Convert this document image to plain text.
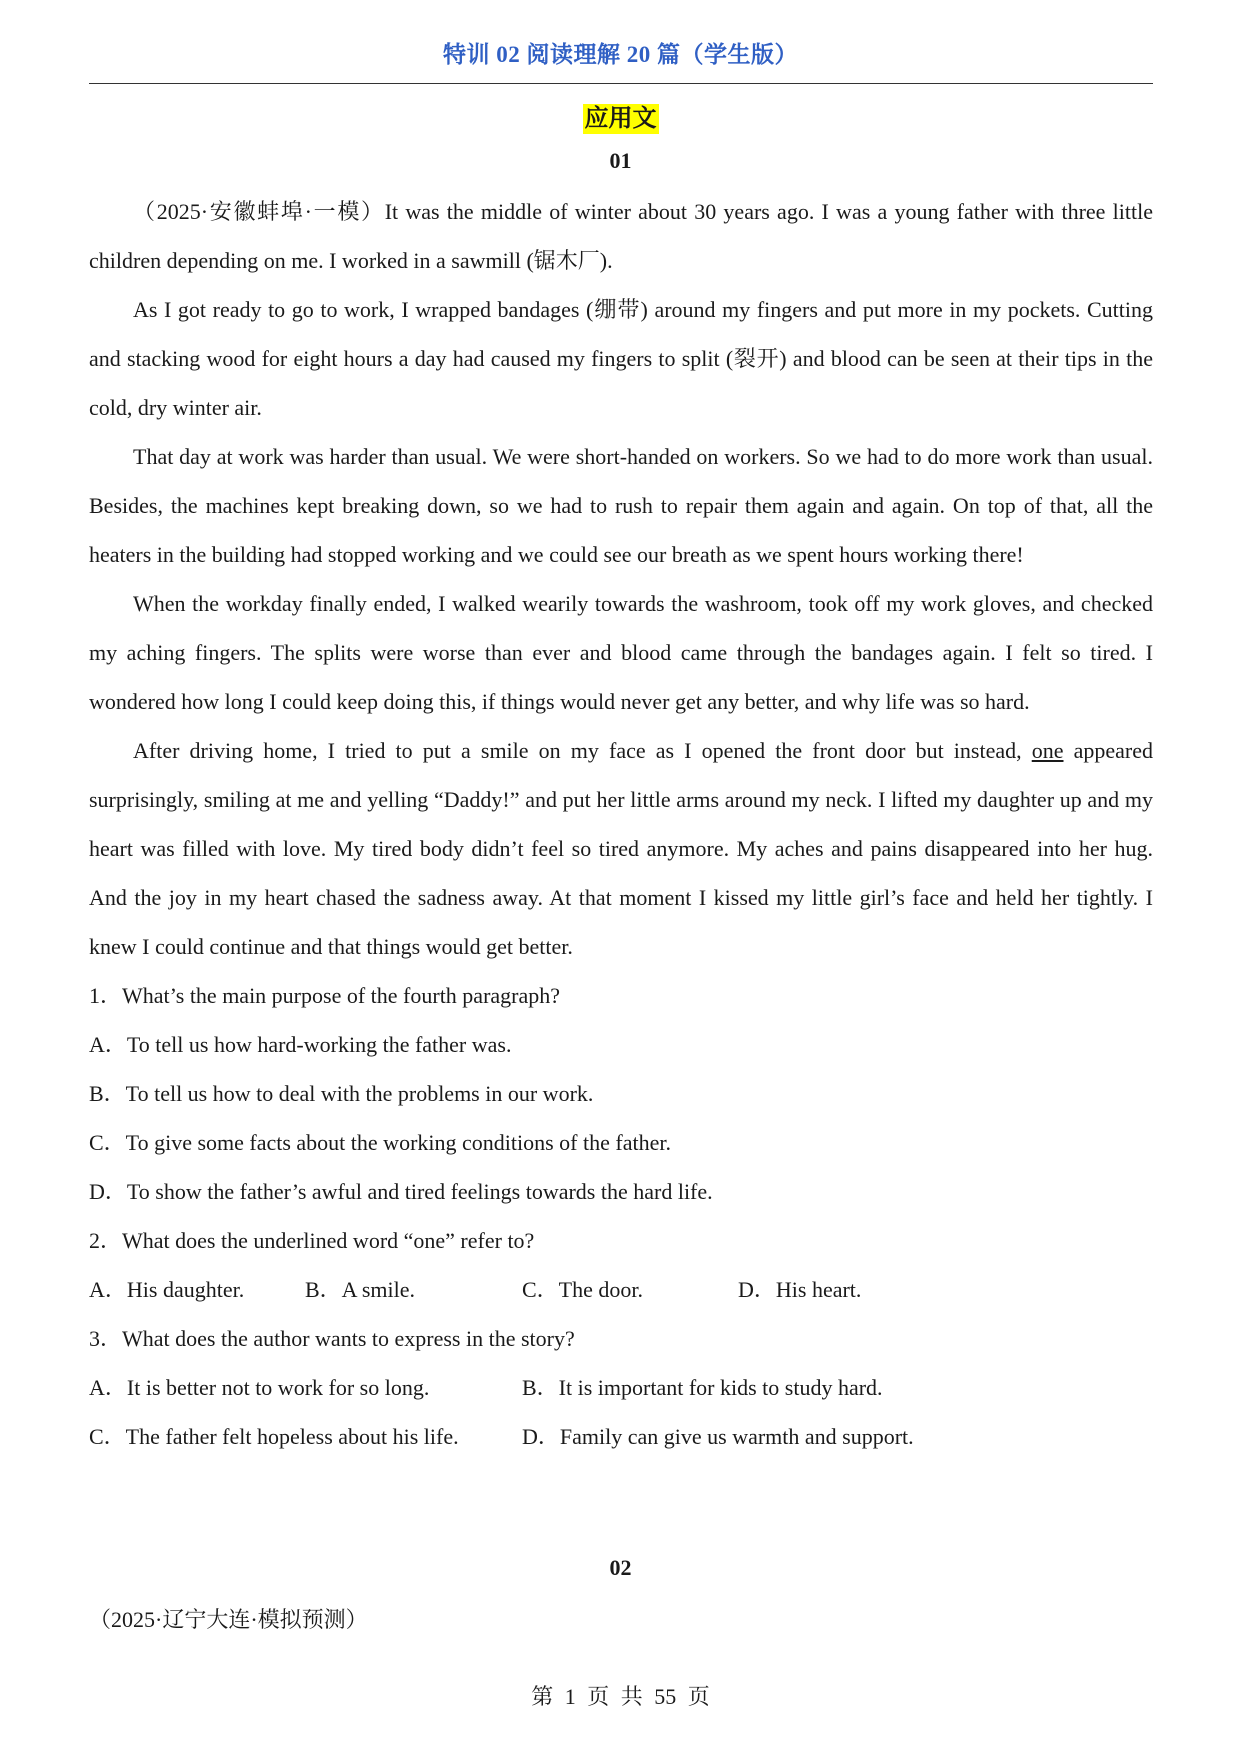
特训 02 阅读理解 20 篇（学生版）
应用文
01

（2025·安徽蚌埠·一模）It was the middle of winter about 30 years ago. I was a young father with three little children depending on me. I worked in a sawmill (锯木厂).

As I got ready to go to work, I wrapped bandages (绷带) around my fingers and put more in my pockets. Cutting and stacking wood for eight hours a day had caused my fingers to split (裂开) and blood can be seen at their tips in the cold, dry winter air.

That day at work was harder than usual. We were short-handed on workers. So we had to do more work than usual. Besides, the machines kept breaking down, so we had to rush to repair them again and again. On top of that, all the heaters in the building had stopped working and we could see our breath as we spent hours working there!

When the workday finally ended, I walked wearily towards the washroom, took off my work gloves, and checked my aching fingers. The splits were worse than ever and blood came through the bandages again. I felt so tired. I wondered how long I could keep doing this, if things would never get any better, and why life was so hard.

After driving home, I tried to put a smile on my face as I opened the front door but instead, one appeared surprisingly, smiling at me and yelling “Daddy!” and put her little arms around my neck. I lifted my daughter up and my heart was filled with love. My tired body didn’t feel so tired anymore. My aches and pains disappeared into her hug. And the joy in my heart chased the sadness away. At that moment I kissed my little girl’s face and held her tightly. I knew I could continue and that things would get better.

1．What’s the main purpose of the fourth paragraph?

A．To tell us how hard-working the father was.

B．To tell us how to deal with the problems in our work.

C．To give some facts about the working conditions of the father.

D．To show the father’s awful and tired feelings towards the hard life.

2．What does the underlined word “one” refer to?

A．His daughter.	B．A smile.	C．The door.	D．His heart.

3．What does the author wants to express in the story?

A．It is better not to work for so long.	B．It is important for kids to study hard.
C．The father felt hopeless about his life.	D．Family can give us warmth and support.
02
（2025·辽宁大连·模拟预测）
第 1 页 共 55 页
